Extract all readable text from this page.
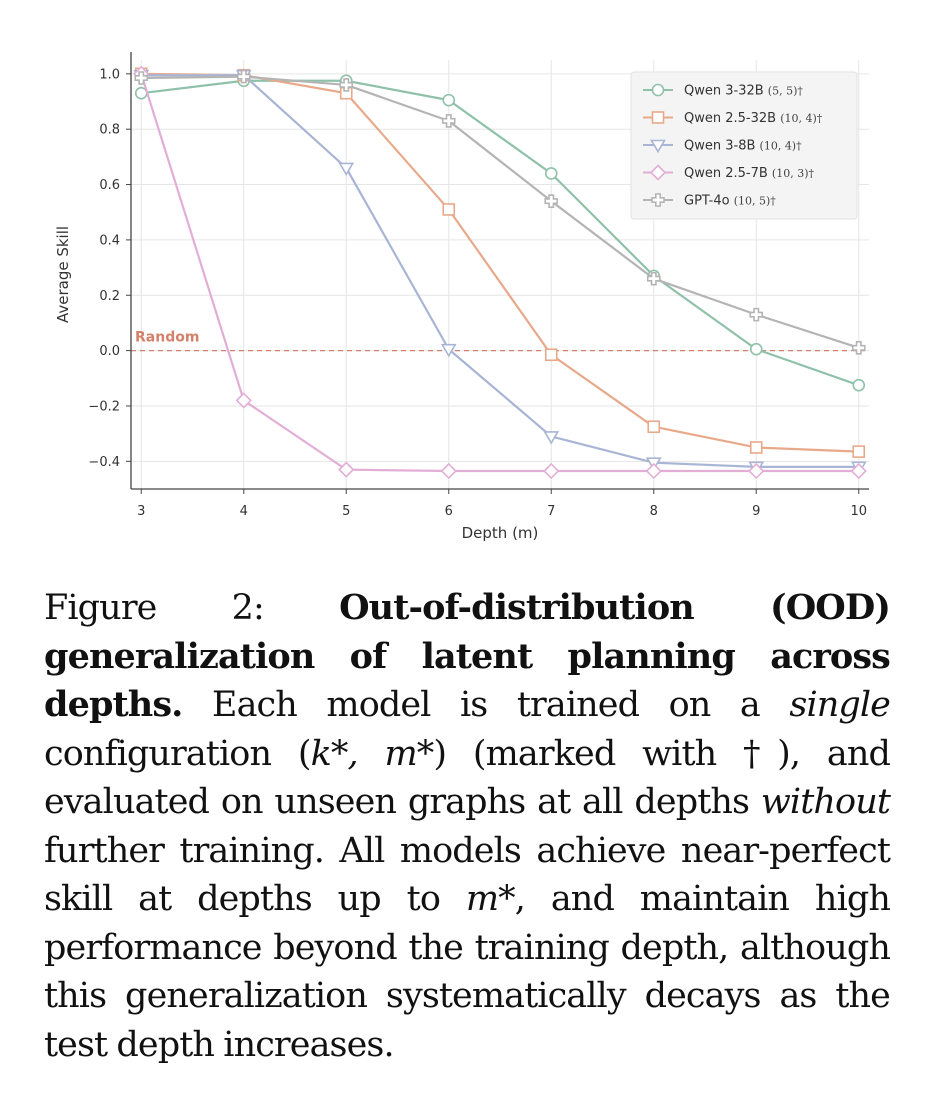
Random
1.0
0.8
0.6
0.4
0.2
0.0
−0.2
−0.4
3	4	5	6	7	8	9	10
Depth (m)
Average Skill
Qwen 3-32B (5, 5)†
Qwen 2.5-32B (10, 4)†
Qwen 3-8B (10, 4)†
Qwen 2.5-7B (10, 3)†
GPT-4o (10, 5)†
Figure 2: Out-of-distribution (OOD) generalization of latent planning across depths. Each model is trained on a single configuration (k*, m*) (marked with †), and evaluated on unseen graphs at all depths without further training. All models achieve near-perfect skill at depths up to m*, and maintain high performance beyond the training depth, although this generalization systematically decays as the test depth increases.
